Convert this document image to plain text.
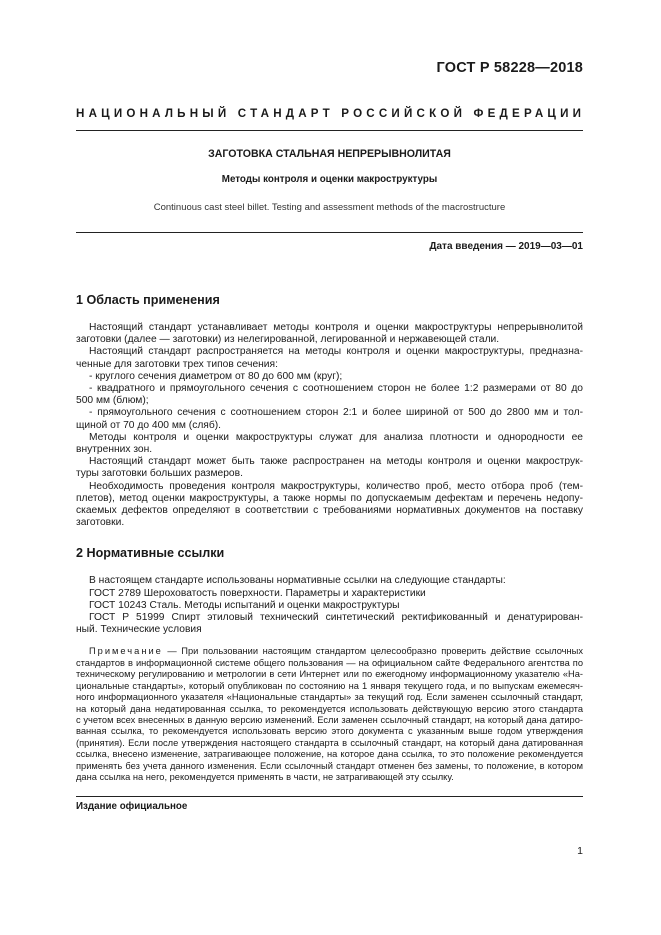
ГОСТ Р 58228—2018
НАЦИОНАЛЬНЫЙ СТАНДАРТ РОССИЙСКОЙ ФЕДЕРАЦИИ
ЗАГОТОВКА СТАЛЬНАЯ НЕПРЕРЫВНОЛИТАЯ
Методы контроля и оценки макроструктуры
Continuous cast steel billet. Testing and assessment methods of the macrostructure
Дата введения — 2019—03—01
1 Область применения
Настоящий стандарт устанавливает методы контроля и оценки макроструктуры непрерывнолитой
заготовки (далее — заготовки) из нелегированной, легированной и нержавеющей стали.
Настоящий стандарт распространяется на методы контроля и оценки макроструктуры, предназна-
ченные для заготовки трех типов сечения:
- круглого сечения диаметром от 80 до 600 мм (круг);
- квадратного и прямоугольного сечения с соотношением сторон не более 1:2 размерами от 80 до
500 мм (блюм);
- прямоугольного сечения с соотношением сторон 2:1 и более шириной от 500 до 2800 мм и тол-
щиной от 70 до 400 мм (сляб).
Методы контроля и оценки макроструктуры служат для анализа плотности и однородности ее
внутренних зон.
Настоящий стандарт может быть также распространен на методы контроля и оценки макрострук-
туры заготовки больших размеров.
Необходимость проведения контроля макроструктуры, количество проб, место отбора проб (тем-
плетов), метод оценки макроструктуры, а также нормы по допускаемым дефектам и перечень недопу-
скаемых дефектов определяют в соответствии с требованиями нормативных документов на поставку
заготовки.
2 Нормативные ссылки
В настоящем стандарте использованы нормативные ссылки на следующие стандарты:
ГОСТ 2789 Шероховатость поверхности. Параметры и характеристики
ГОСТ 10243 Сталь. Методы испытаний и оценки макроструктуры
ГОСТ Р 51999 Спирт этиловый технический синтетический ректификованный и денатурирован-
ный. Технические условия
Примечание — При пользовании настоящим стандартом целесообразно проверить действие ссылочных
стандартов в информационной системе общего пользования — на официальном сайте Федерального агентства по
техническому регулированию и метрологии в сети Интернет или по ежегодному информационному указателю «На-
циональные стандарты», который опубликован по состоянию на 1 января текущего года, и по выпускам ежемесяч-
ного информационного указателя «Национальные стандарты» за текущий год. Если заменен ссылочный стандарт,
на который дана недатированная ссылка, то рекомендуется использовать действующую версию этого стандарта
с учетом всех внесенных в данную версию изменений. Если заменен ссылочный стандарт, на который дана датиро-
ванная ссылка, то рекомендуется использовать версию этого документа с указанным выше годом утверждения
(принятия). Если после утверждения настоящего стандарта в ссылочный стандарт, на который дана датированная
ссылка, внесено изменение, затрагивающее положение, на которое дана ссылка, то это положение рекомендуется
применять без учета данного изменения. Если ссылочный стандарт отменен без замены, то положение, в котором
дана ссылка на него, рекомендуется применять в части, не затрагивающей эту ссылку.
Издание официальное
1
